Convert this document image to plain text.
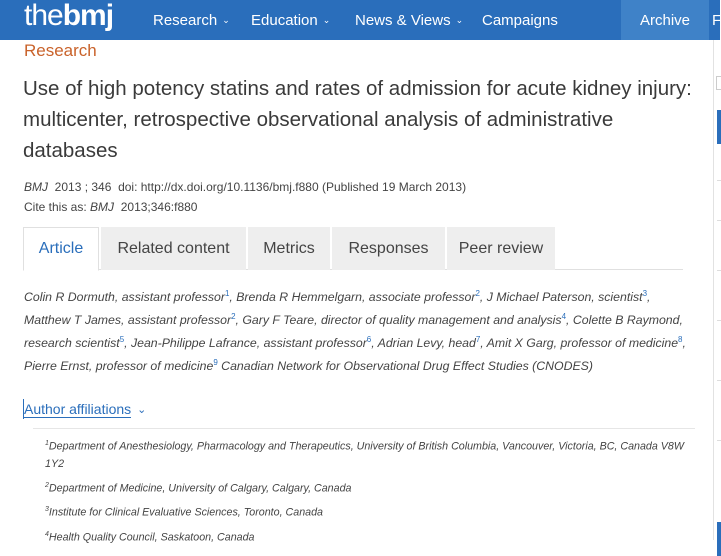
the bmj	Research ⌄ Education ⌄ News & Views ⌄ Campaigns	Archive	F
Research
Use of high potency statins and rates of admission for acute kidney injury: multicenter, retrospective observational analysis of administrative databases
BMJ 2013 ; 346 doi: http://dx.doi.org/10.1136/bmj.f880 (Published 19 March 2013)
Cite this as: BMJ 2013;346:f880
Article	Related content	Metrics	Responses	Peer review
Colin R Dormuth, assistant professor$^1$, Brenda R Hemmelgarn, associate professor$^2$, J Michael Paterson, scientist$^3$, Matthew T James, assistant professor$^2$, Gary F Teare, director of quality management and analysis$^4$, Colette B Raymond, research scientist$^5$, Jean-Philippe Lafrance, assistant professor$^6$, Adrian Levy, head$^7$, Amit X Garg, professor of medicine$^8$, Pierre Ernst, professor of medicine$^9$ Canadian Network for Observational Drug Effect Studies (CNODES)
Author affiliations ⌄
$^1$Department of Anesthesiology, Pharmacology and Therapeutics, University of British Columbia, Vancouver, Victoria, BC, Canada V8W 1Y2
$^2$Department of Medicine, University of Calgary, Calgary, Canada
$^3$Institute for Clinical Evaluative Sciences, Toronto, Canada
$^4$Health Quality Council, Saskatoon, Canada
